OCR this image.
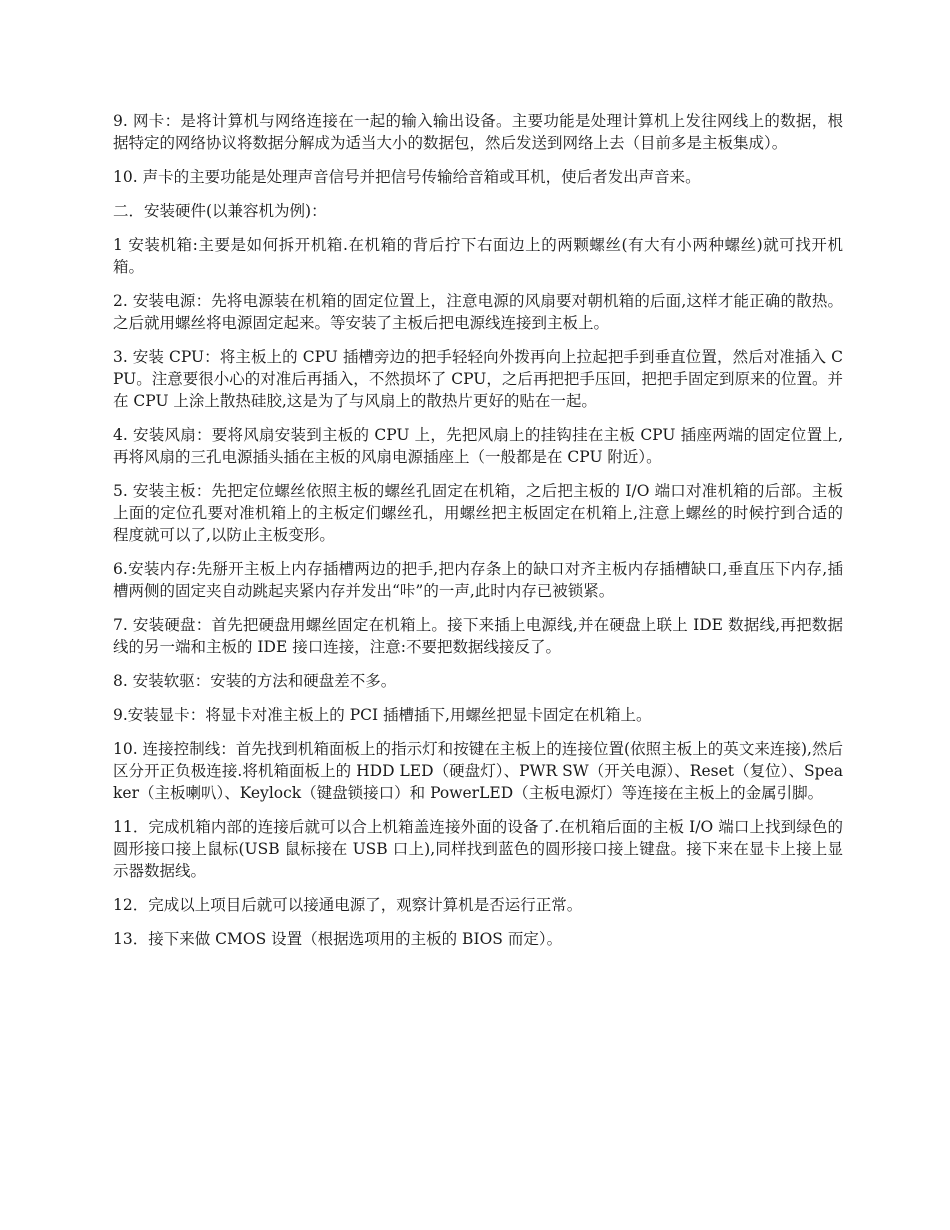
9. 网卡：是将计算机与网络连接在一起的输入输出设备。主要功能是处理计算机上发往网线上的数据，根据特定的网络协议将数据分解成为适当大小的数据包，然后发送到网络上去（目前多是主板集成）。

10. 声卡的主要功能是处理声音信号并把信号传输给音箱或耳机，使后者发出声音来。

二．安装硬件(以兼容机为例)：

1 安装机箱:主要是如何拆开机箱.在机箱的背后拧下右面边上的两颗螺丝(有大有小两种螺丝)就可找开机箱。

2. 安装电源：先将电源装在机箱的固定位置上，注意电源的风扇要对朝机箱的后面,这样才能正确的散热。之后就用螺丝将电源固定起来。等安装了主板后把电源线连接到主板上。

3. 安装 CPU：将主板上的 CPU 插槽旁边的把手轻轻向外拨再向上拉起把手到垂直位置，然后对准插入 CPU。注意要很小心的对准后再插入，不然损坏了 CPU，之后再把把手压回，把把手固定到原来的位置。并在 CPU 上涂上散热硅胶,这是为了与风扇上的散热片更好的贴在一起。

4. 安装风扇：要将风扇安装到主板的 CPU 上，先把风扇上的挂钩挂在主板 CPU 插座两端的固定位置上,再将风扇的三孔电源插头插在主板的风扇电源插座上（一般都是在 CPU 附近）。

5. 安装主板：先把定位螺丝依照主板的螺丝孔固定在机箱，之后把主板的 I/O 端口对准机箱的后部。主板上面的定位孔要对准机箱上的主板定们螺丝孔，用螺丝把主板固定在机箱上,注意上螺丝的时候拧到合适的程度就可以了,以防止主板变形。

6.安装内存:先掰开主板上内存插槽两边的把手,把内存条上的缺口对齐主板内存插槽缺口,垂直压下内存,插槽两侧的固定夹自动跳起夹紧内存并发出“咔”的一声,此时内存已被锁紧。

7. 安装硬盘：首先把硬盘用螺丝固定在机箱上。接下来插上电源线,并在硬盘上联上 IDE 数据线,再把数据线的另一端和主板的 IDE 接口连接，注意:不要把数据线接反了。

8. 安装软驱：安装的方法和硬盘差不多。

9.安装显卡：将显卡对准主板上的 PCI 插槽插下,用螺丝把显卡固定在机箱上。

10. 连接控制线：首先找到机箱面板上的指示灯和按键在主板上的连接位置(依照主板上的英文来连接),然后区分开正负极连接.将机箱面板上的 HDD LED（硬盘灯）、PWR SW（开关电源）、Reset（复位）、Speaker（主板喇叭）、Keylock（键盘锁接口）和 PowerLED（主板电源灯）等连接在主板上的金属引脚。

11．完成机箱内部的连接后就可以合上机箱盖连接外面的设备了.在机箱后面的主板 I/O 端口上找到绿色的圆形接口接上鼠标(USB 鼠标接在 USB 口上),同样找到蓝色的圆形接口接上键盘。接下来在显卡上接上显示器数据线。

12．完成以上项目后就可以接通电源了，观察计算机是否运行正常。

13．接下来做 CMOS 设置（根据选项用的主板的 BIOS 而定）。
